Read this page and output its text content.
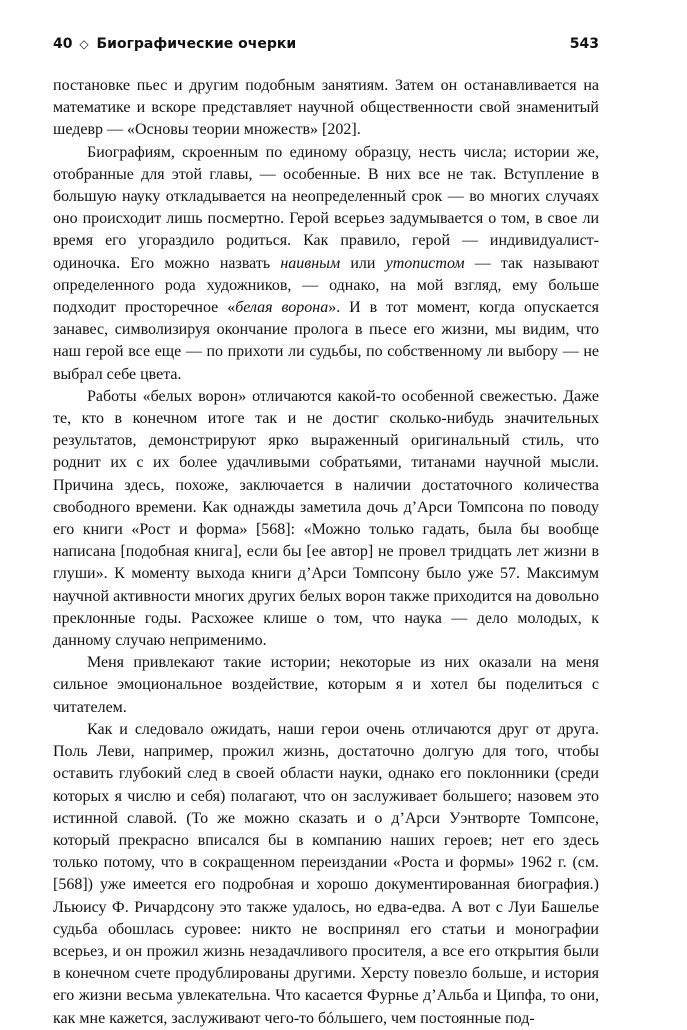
40 ◇ Биографические очерки	543

постановке пьес и другим подобным занятиям. Затем он останавливается на математике и вскоре представляет научной общественности свой знаменитый шедевр — «Основы теории множеств» [202].

Биографиям, скроенным по единому образцу, несть числа; истории же, отобранные для этой главы, — особенные. В них все не так. Вступление в большую науку откладывается на неопределенный срок — во многих случаях оно происходит лишь посмертно. Герой всерьез задумывается о том, в свое ли время его угораздило родиться. Как правило, герой — индивидуалист-одиночка. Его можно назвать наивным или утопистом — так называют определенного рода художников, — однако, на мой взгляд, ему больше подходит просторечное «белая ворона». И в тот момент, когда опускается занавес, символизируя окончание пролога в пьесе его жизни, мы видим, что наш герой все еще — по прихоти ли судьбы, по собственному ли выбору — не выбрал себе цвета.

Работы «белых ворон» отличаются какой-то особенной свежестью. Даже те, кто в конечном итоге так и не достиг сколько-нибудь значительных результатов, демонстрируют ярко выраженный оригинальный стиль, что роднит их с их более удачливыми собратьями, титанами научной мысли. Причина здесь, похоже, заключается в наличии достаточного количества свободного времени. Как однажды заметила дочь д’Арси Томпсона по поводу его книги «Рост и форма» [568]: «Можно только гадать, была бы вообще написана [подобная книга], если бы [ее автор] не провел тридцать лет жизни в глуши». К моменту выхода книги д’Арси Томпсону было уже 57. Максимум научной активности многих других белых ворон также приходится на довольно преклонные годы. Расхожее клише о том, что наука — дело молодых, к данному случаю неприменимо.

Меня привлекают такие истории; некоторые из них оказали на меня сильное эмоциональное воздействие, которым я и хотел бы поделиться с читателем.

Как и следовало ожидать, наши герои очень отличаются друг от друга. Поль Леви, например, прожил жизнь, достаточно долгую для того, чтобы оставить глубокий след в своей области науки, однако его поклонники (среди которых я числю и себя) полагают, что он заслуживает большего; назовем это истинной славой. (То же можно сказать и о д’Арси Уэнтворте Томпсоне, который прекрасно вписался бы в компанию наших героев; нет его здесь только потому, что в сокращенном переиздании «Роста и формы» 1962 г. (см. [568]) уже имеется его подробная и хорошо документированная биография.) Льюису Ф. Ричардсону это также удалось, но едва-едва. А вот с Луи Башелье судьба обошлась суровее: никто не воспринял его статьи и монографии всерьез, и он прожил жизнь незадачливого просителя, а все его открытия были в конечном счете продублированы другими. Херсту повезло больше, и история его жизни весьма увлекательна. Что касается Фурнье д’Альба и Ципфа, то они, как мне кажется, заслуживают чего-то бóльшего, чем постоянные под-
